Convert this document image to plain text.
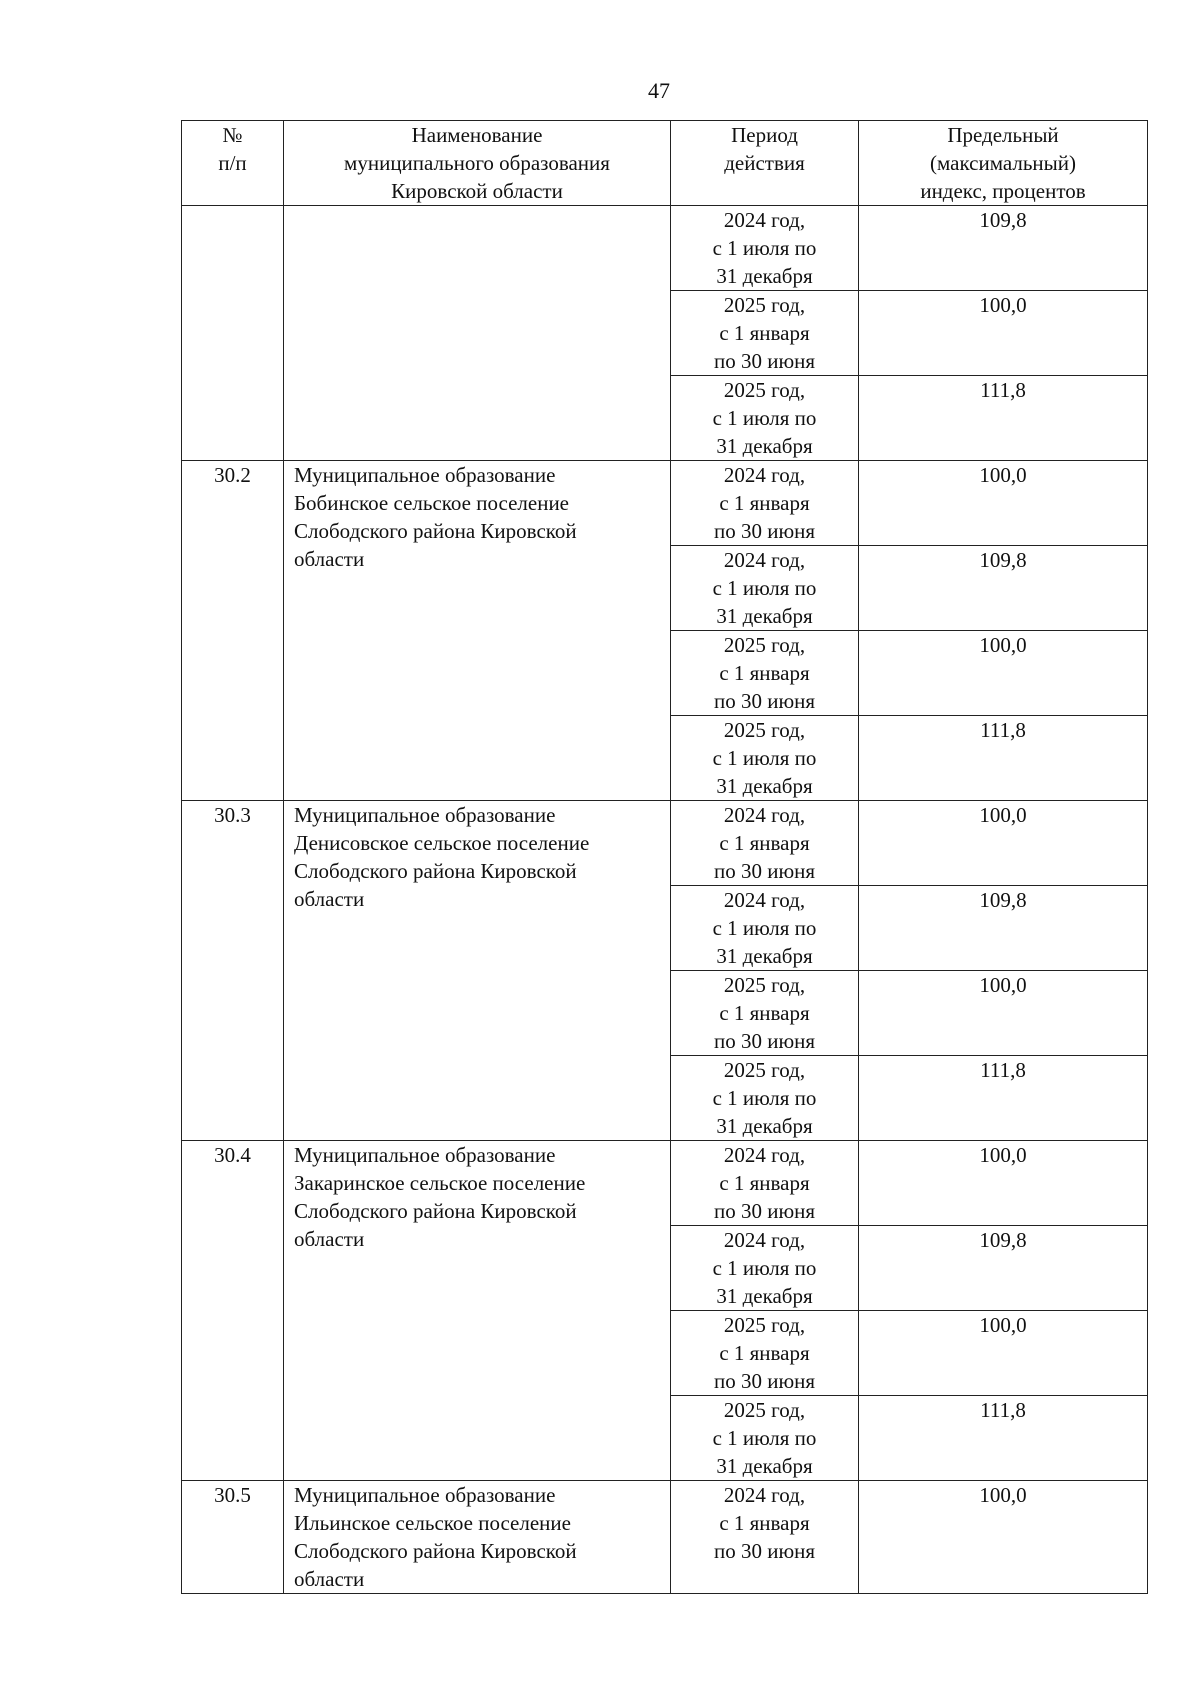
47
№
п/п	Наименование
муниципального образования
Кировской области	Период
действия	Предельный
(максимальный)
индекс, процентов
		2024 год,
с 1 июля по
31 декабря	109,8
		2025 год,
с 1 января
по 30 июня	100,0
		2025 год,
с 1 июля по
31 декабря	111,8
30.2	Муниципальное образование
Бобинское сельское поселение
Слободского района Кировской
области	2024 год,
с 1 января
по 30 июня	100,0
		2024 год,
с 1 июля по
31 декабря	109,8
		2025 год,
с 1 января
по 30 июня	100,0
		2025 год,
с 1 июля по
31 декабря	111,8
30.3	Муниципальное образование
Денисовское сельское поселение
Слободского района Кировской
области	2024 год,
с 1 января
по 30 июня	100,0
		2024 год,
с 1 июля по
31 декабря	109,8
		2025 год,
с 1 января
по 30 июня	100,0
		2025 год,
с 1 июля по
31 декабря	111,8
30.4	Муниципальное образование
Закаринское сельское поселение
Слободского района Кировской
области	2024 год,
с 1 января
по 30 июня	100,0
		2024 год,
с 1 июля по
31 декабря	109,8
		2025 год,
с 1 января
по 30 июня	100,0
		2025 год,
с 1 июля по
31 декабря	111,8
30.5	Муниципальное образование
Ильинское сельское поселение
Слободского района Кировской
области	2024 год,
с 1 января
по 30 июня	100,0
